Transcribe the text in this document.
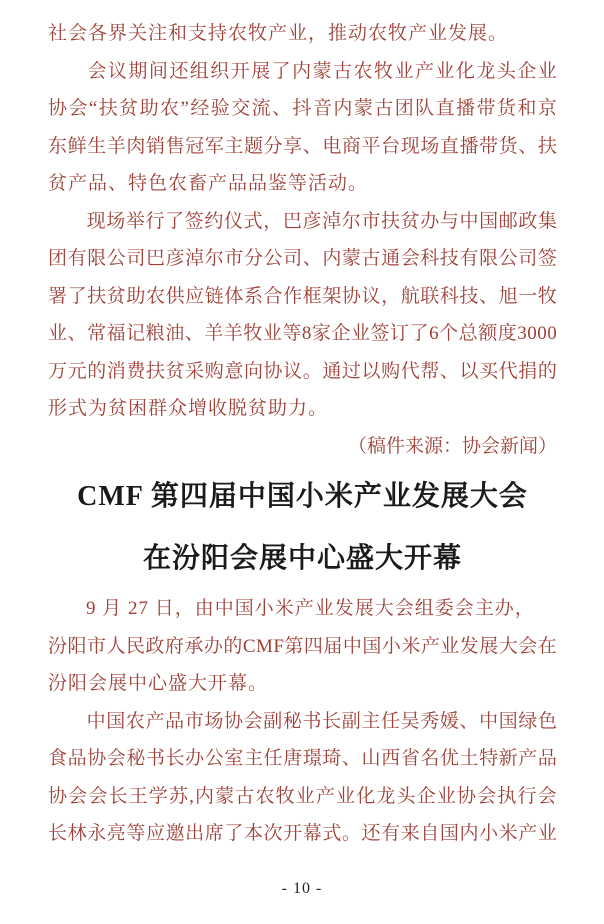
社会各界关注和支持农牧产业，推动农牧产业发展。
会 议 期 间 还 组 织 开 展 了 内 蒙 古 农 牧 业 产 业 化 龙 头 企 业
协 会 “ 扶 贫 助 农 ” 经 验 交 流 、 抖 音 内 蒙 古 团 队 直 播 带 货 和 京
东 鲜 生 羊 肉 销 售 冠 军 主 题 分 享 、 电 商 平 台 现 场 直 播 带 货 、 扶
贫产品、特色农畜产品品鉴等活动。
现 场 举 行 了 签 约 仪 式 ， 巴 彦 淖 尔 市 扶 贫 办 与 中 国 邮 政 集
团 有 限 公 司 巴 彦 淖 尔 市 分 公 司 、 内 蒙 古 通 会 科 技 有 限 公 司 签
署 了 扶 贫 助 农 供 应 链 体 系 合 作 框 架 协 议 ， 航 联 科 技 、 旭 一 牧
业 、 常 福 记 粮 油 、 羊 羊 牧 业 等 8 家 企 业 签 订 了 6 个 总 额 度 3 0 0 0
万 元 的 消 费 扶 贫 采 购 意 向 协 议 。 通 过 以 购 代 帮 、 以 买 代 捐 的
形式为贫困群众增收脱贫助力。
（稿件来源：协会新闻）
CMF 第四届中国小米产业发展大会
在汾阳会展中心盛大开幕
9 月 27 日，由中国小米产业发展大会组委会主办，
汾 阳 市 人 民 政 府 承 办 的 C M F 第 四 届 中 国 小 米 产 业 发 展 大 会 在
汾阳会展中心盛大开幕。
中 国 农 产 品 市 场 协 会 副 秘 书 长 副 主 任 吴 秀 媛 、 中 国 绿 色
食 品 协 会 秘 书 长 办 公 室 主 任 唐 璟 琦 、 山 西 省 名 优 土 特 新 产 品
协 会 会 长 王 学 苏 , 内 蒙 古 农 牧 业 产 业 化 龙 头 企 业 协 会 执 行 会
长 林 永 亮 等 应 邀 出 席 了 本 次 开 幕 式 。 还 有 来 自 国 内 小 米 产 业
- 10 -
